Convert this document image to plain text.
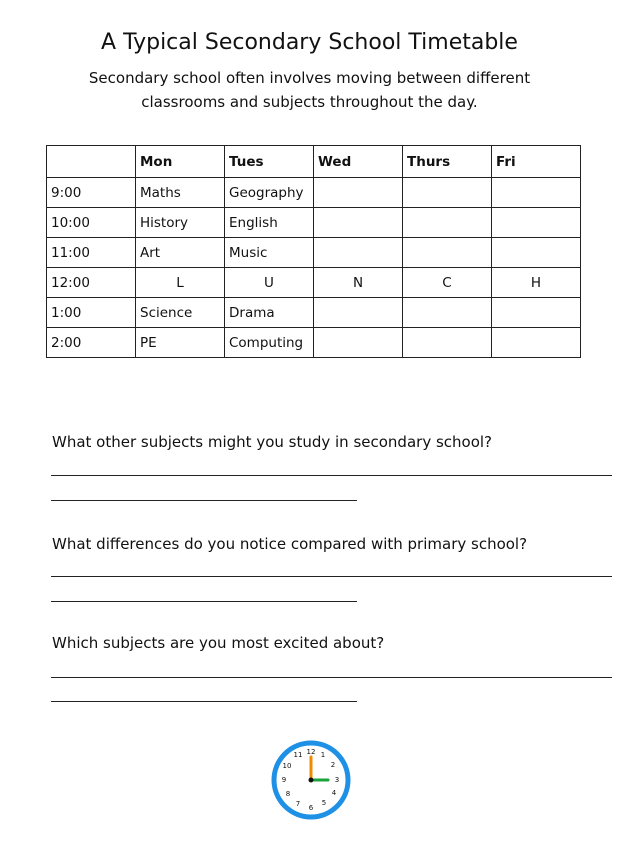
A Typical Secondary School Timetable
Secondary school often involves moving between different
classrooms and subjects throughout the day.
	Mon	Tues	Wed	Thurs	Fri
9:00	Maths	Geography			
10:00	History	English			
11:00	Art	Music			
12:00	L	U	N	C	H
1:00	Science	Drama			
2:00	PE	Computing			
What other subjects might you study in secondary school?
What differences do you notice compared with primary school?
Which subjects are you most excited about?
12 1
2
3
4
5
6
7
8
9
10
11
